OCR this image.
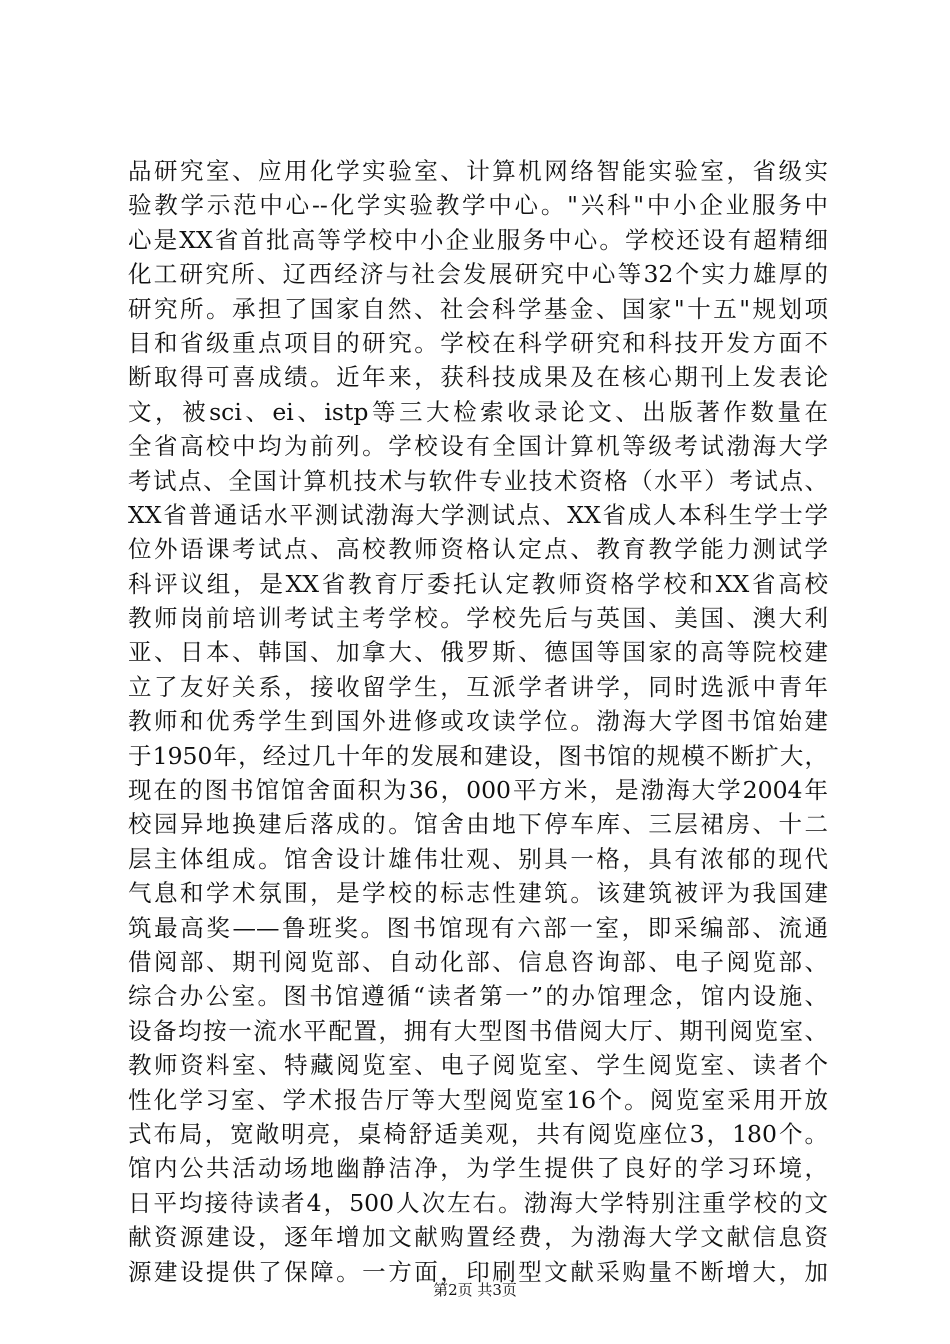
品研究室、应用化学实验室、计算机网络智能实验室，省级实
验教学示范中心--化学实验教学中心。"兴科"中小企业服务中
心是XX省首批高等学校中小企业服务中心。学校还设有超精细
化工研究所、辽西经济与社会发展研究中心等32个实力雄厚的
研究所。承担了国家自然、社会科学基金、国家"十五"规划项
目和省级重点项目的研究。学校在科学研究和科技开发方面不
断取得可喜成绩。近年来，获科技成果及在核心期刊上发表论
文，被sci、ei、istp等三大检索收录论文、出版著作数量在
全省高校中均为前列。学校设有全国计算机等级考试渤海大学
考试点、全国计算机技术与软件专业技术资格（水平）考试点、
XX省普通话水平测试渤海大学测试点、XX省成人本科生学士学
位外语课考试点、高校教师资格认定点、教育教学能力测试学
科评议组，是XX省教育厅委托认定教师资格学校和XX省高校
教师岗前培训考试主考学校。学校先后与英国、美国、澳大利
亚、日本、韩国、加拿大、俄罗斯、德国等国家的高等院校建
立了友好关系，接收留学生，互派学者讲学，同时选派中青年
教师和优秀学生到国外进修或攻读学位。渤海大学图书馆始建
于1950年，经过几十年的发展和建设，图书馆的规模不断扩大，
现在的图书馆馆舍面积为36，000平方米，是渤海大学2004年
校园异地换建后落成的。馆舍由地下停车库、三层裙房、十二
层主体组成。馆舍设计雄伟壮观、别具一格，具有浓郁的现代
气息和学术氛围，是学校的标志性建筑。该建筑被评为我国建
筑最高奖——鲁班奖。图书馆现有六部一室，即采编部、流通
借阅部、期刊阅览部、自动化部、信息咨询部、电子阅览部、
综合办公室。图书馆遵循“读者第一”的办馆理念，馆内设施、
设备均按一流水平配置，拥有大型图书借阅大厅、期刊阅览室、
教师资料室、特藏阅览室、电子阅览室、学生阅览室、读者个
性化学习室、学术报告厅等大型阅览室16个。阅览室采用开放
式布局，宽敞明亮，桌椅舒适美观，共有阅览座位3，180个。
馆内公共活动场地幽静洁净，为学生提供了良好的学习环境，
日平均接待读者4，500人次左右。渤海大学特别注重学校的文
献资源建设，逐年增加文献购置经费，为渤海大学文献信息资
源建设提供了保障。一方面，印刷型文献采购量不断增大，加
第2页 共3页
